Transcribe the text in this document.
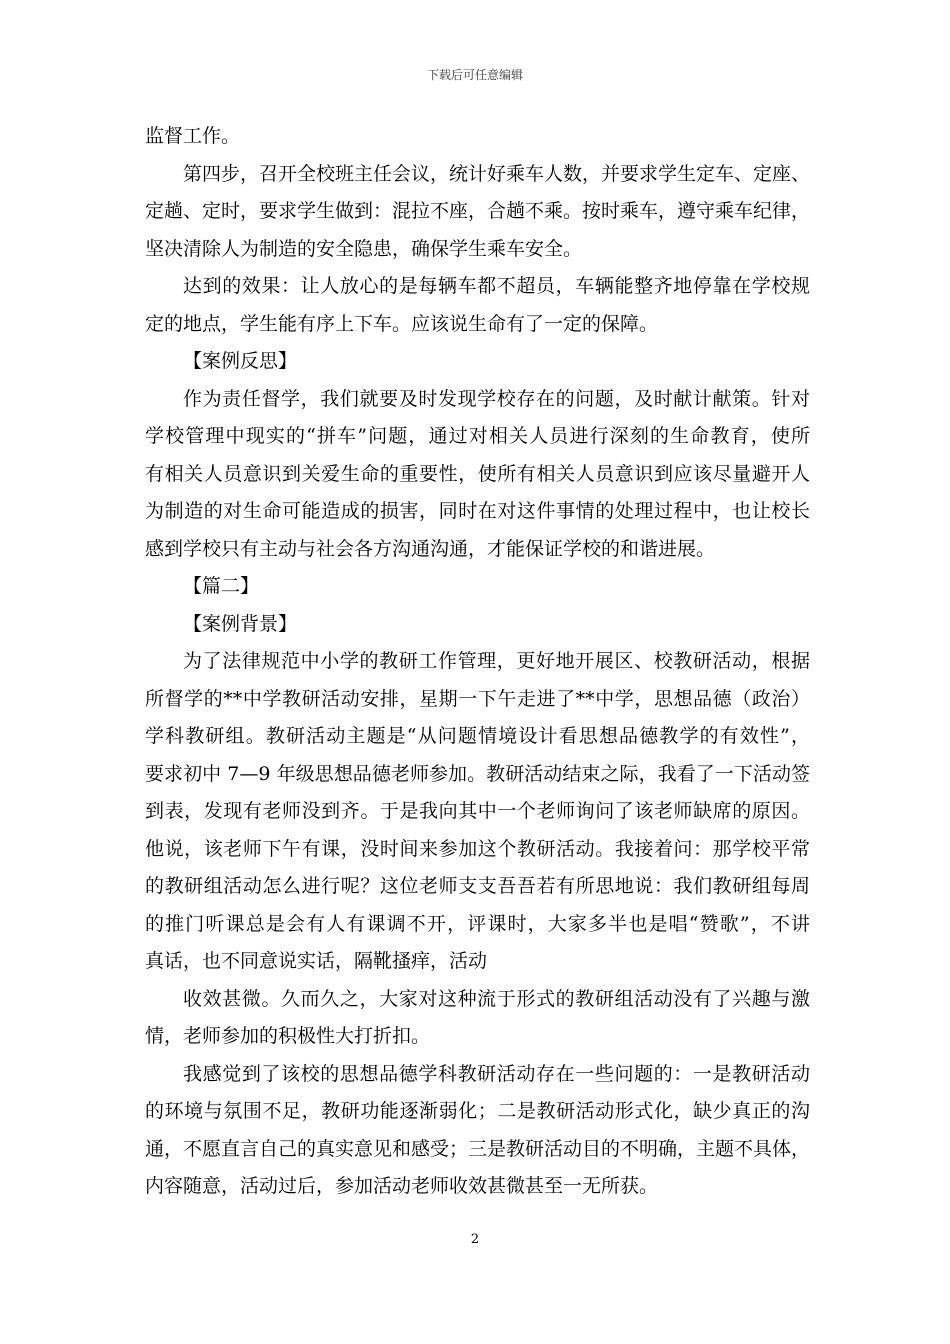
下载后可任意编辑
监督工作。
第四步，召开全校班主任会议，统计好乘车人数，并要求学生定车、定座、
定趟、定时，要求学生做到：混拉不座，合趟不乘。按时乘车，遵守乘车纪律，
坚决清除人为制造的安全隐患，确保学生乘车安全。
达到的效果：让人放心的是每辆车都不超员，车辆能整齐地停靠在学校规
定的地点，学生能有序上下车。应该说生命有了一定的保障。
【案例反思】
作为责任督学，我们就要及时发现学校存在的问题，及时献计献策。针对
学校管理中现实的“拼车”问题，通过对相关人员进行深刻的生命教育，使所
有相关人员意识到关爱生命的重要性，使所有相关人员意识到应该尽量避开人
为制造的对生命可能造成的损害，同时在对这件事情的处理过程中，也让校长
感到学校只有主动与社会各方沟通沟通，才能保证学校的和谐进展。
【篇二】
【案例背景】
为了法律规范中小学的教研工作管理，更好地开展区、校教研活动，根据
所督学的**中学教研活动安排，星期一下午走进了**中学，思想品德（政治）
学科教研组。教研活动主题是“从问题情境设计看思想品德教学的有效性”，
要求初中 7—9 年级思想品德老师参加。教研活动结束之际，我看了一下活动签
到表，发现有老师没到齐。于是我向其中一个老师询问了该老师缺席的原因。
他说，该老师下午有课，没时间来参加这个教研活动。我接着问：那学校平常
的教研组活动怎么进行呢？这位老师支支吾吾若有所思地说：我们教研组每周
的推门听课总是会有人有课调不开，评课时，大家多半也是唱“赞歌”，不讲
真话，也不同意说实话，隔靴搔痒，活动
收效甚微。久而久之，大家对这种流于形式的教研组活动没有了兴趣与激
情，老师参加的积极性大打折扣。
我感觉到了该校的思想品德学科教研活动存在一些问题的：一是教研活动
的环境与氛围不足，教研功能逐渐弱化；二是教研活动形式化，缺少真正的沟
通，不愿直言自己的真实意见和感受；三是教研活动目的不明确，主题不具体，
内容随意，活动过后，参加活动老师收效甚微甚至一无所获。
2
